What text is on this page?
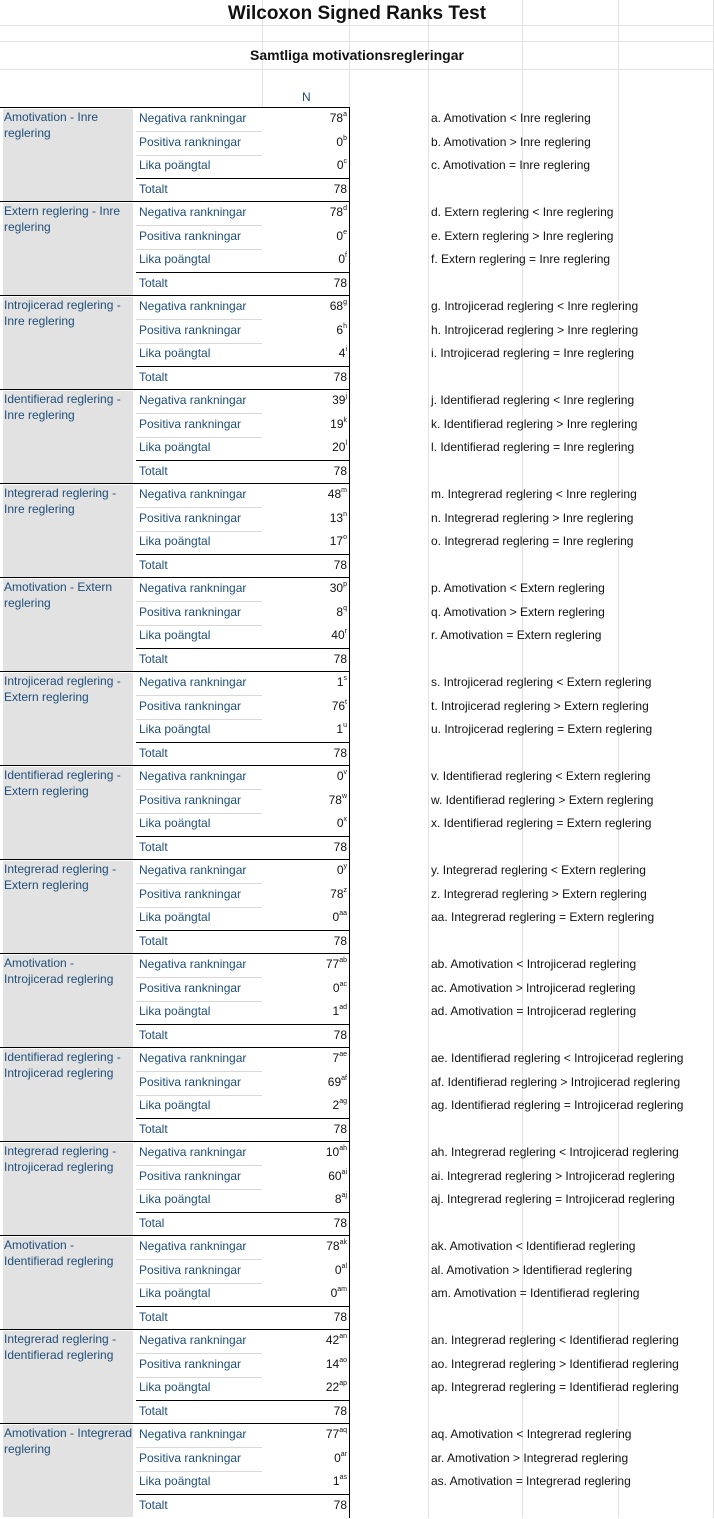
Wilcoxon Signed Ranks Test
Samtliga motivationsregleringar
N
Amotivation - Inre reglering
Negativa rankningar	78$^a$	a. Amotivation < Inre reglering
Positiva rankningar	0$^b$	b. Amotivation > Inre reglering
Lika poängtal	0$^c$	c. Amotivation = Inre reglering
Totalt	78
Extern reglering - Inre reglering
Negativa rankningar	78$^d$	d. Extern reglering < Inre reglering
Positiva rankningar	0e	e. Extern reglering > Inre reglering
Lika poängtal	0$^f$	f. Extern reglering = Inre reglering
Totalt	78
Introjicerad reglering - Inre reglering
Negativa rankningar	68$^g$	g. Introjicerad reglering < Inre reglering
Positiva rankningar	6$^h$	h. Introjicerad reglering > Inre reglering
Lika poängtal	4$^i$	i. Introjicerad reglering = Inre reglering
Totalt	78
Identifierad reglering - Inre reglering
Negativa rankningar	39$^j$	j. Identifierad reglering < Inre reglering
Positiva rankningar	19$^k$	k. Identifierad reglering > Inre reglering
Lika poängtal	20$^l$	l. Identifierad reglering = Inre reglering
Totalt	78
Integrerad reglering - Inre reglering
Negativa rankningar	48$^m$	m. Integrerad reglering < Inre reglering
Positiva rankningar	13$^n$	n. Integrerad reglering > Inre reglering
Lika poängtal	17$^o$	o. Integrerad reglering = Inre reglering
Totalt	78
Amotivation - Extern reglering
Negativa rankningar	30$^p$	p. Amotivation < Extern reglering
Positiva rankningar	8$^q$	q. Amotivation > Extern reglering
Lika poängtal	40$^r$	r. Amotivation = Extern reglering
Totalt	78
Introjicerad reglering - Extern reglering
Negativa rankningar	1$^s$	s. Introjicerad reglering < Extern reglering
Positiva rankningar	76$^t$	t. Introjicerad reglering > Extern reglering
Lika poängtal	1$^u$	u. Introjicerad reglering = Extern reglering
Totalt	78
Identifierad reglering - Extern reglering
Negativa rankningar	0$^v$	v. Identifierad reglering < Extern reglering
Positiva rankningar	78$^w$	w. Identifierad reglering > Extern reglering
Lika poängtal	0$^x$	x. Identifierad reglering = Extern reglering
Totalt	78
Integrerad reglering - Extern reglering
Negativa rankningar	0$^y$	y. Integrerad reglering < Extern reglering
Positiva rankningar	78$^z$	z. Integrerad reglering > Extern reglering
Lika poängtal	$0^{aa}$	aa. Integrerad reglering = Extern reglering
Totalt	78
Amotivation - Introjicerad reglering
Negativa rankningar	$77^{ab}$	ab. Amotivation < Introjicerad reglering
Positiva rankningar	$0^{ac}$	ac. Amotivation > Introjicerad reglering
Lika poängtal	$1^{ad}$	ad. Amotivation = Introjicerad reglering
Totalt	78
Identifierad reglering - Introjicerad reglering
Negativa rankningar	$7^{ae}$	ae. Identifierad reglering < Introjicerad reglering
Positiva rankningar	$69^{af}$	af. Identifierad reglering > Introjicerad reglering
Lika poängtal	$2^{ag}$	ag. Identifierad reglering = Introjicerad reglering
Totalt	78
Integrerad reglering - Introjicerad reglering
Negativa rankningar	$10^{ah}$	ah. Integrerad reglering < Introjicerad reglering
Positiva rankningar	$60^{ai}$	ai. Integrerad reglering > Introjicerad reglering
Lika poängtal	$8^{aj}$	aj. Integrerad reglering = Introjicerad reglering
Total	78
Amotivation - Identifierad reglering
Negativa rankningar	$78^{ak}$	ak. Amotivation < Identifierad reglering
Positiva rankningar	$0^{al}$	al. Amotivation > Identifierad reglering
Lika poängtal	$0^{am}$	am. Amotivation = Identifierad reglering
Totalt	78
Integrerad reglering - Identifierad reglering
Negativa rankningar	$42^{an}$	an. Integrerad reglering < Identifierad reglering
Positiva rankningar	$14^{ao}$	ao. Integrerad reglering > Identifierad reglering
Lika poängtal	$22^{ap}$	ap. Integrerad reglering = Identifierad reglering
Totalt	78
Amotivation - Integrerad reglering
Negativa rankningar	$77^{aq}$	aq. Amotivation < Integrerad reglering
Positiva rankningar	$0^{ar}$	ar. Amotivation > Integrerad reglering
Lika poängtal	$1^{as}$	as. Amotivation = Integrerad reglering
Totalt	78
